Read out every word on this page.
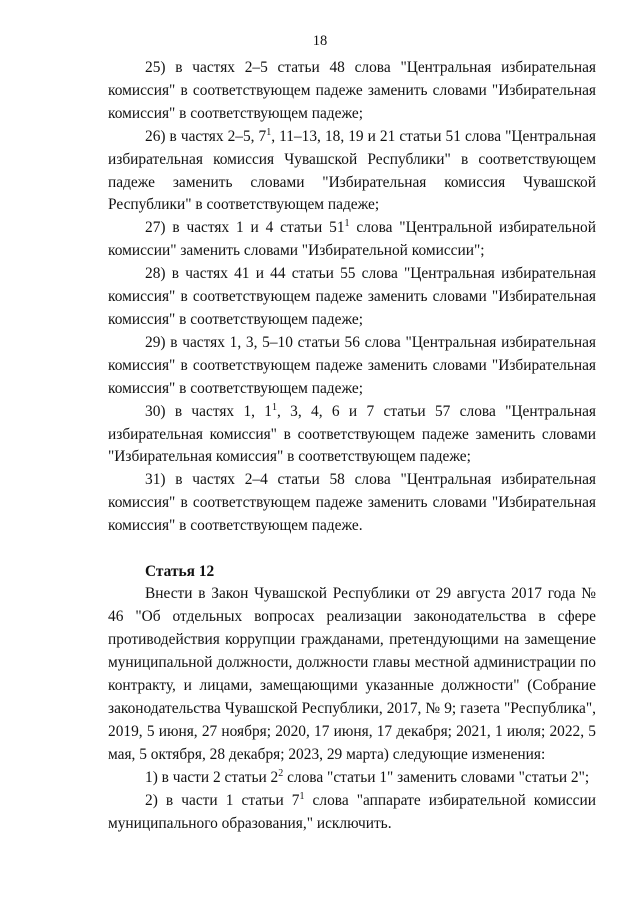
18

25) в частях 2–5 статьи 48 слова "Центральная избирательная комиссия" в соответствующем падеже заменить словами "Избирательная комиссия" в соответствующем падеже;

26) в частях 2–5, $7^1$, 11–13, 18, 19 и 21 статьи 51 слова "Центральная избирательная комиссия Чувашской Республики" в соответствующем падеже заменить словами "Избирательная комиссия Чувашской Республики" в соответствующем падеже;

27) в частях 1 и 4 статьи $51^1$ слова "Центральной избирательной комиссии" заменить словами "Избирательной комиссии";

28) в частях 41 и 44 статьи 55 слова "Центральная избирательная комиссия" в соответствующем падеже заменить словами "Избирательная комиссия" в соответствующем падеже;

29) в частях 1, 3, 5–10 статьи 56 слова "Центральная избирательная комиссия" в соответствующем падеже заменить словами "Избирательная комиссия" в соответствующем падеже;

30) в частях 1, $1^1$, 3, 4, 6 и 7 статьи 57 слова "Центральная избирательная комиссия" в соответствующем падеже заменить словами "Избирательная комиссия" в соответствующем падеже;

31) в частях 2–4 статьи 58 слова "Центральная избирательная комиссия" в соответствующем падеже заменить словами "Избирательная комиссия" в соответствующем падеже.

Статья 12

Внести в Закон Чувашской Республики от 29 августа 2017 года № 46 "Об отдельных вопросах реализации законодательства в сфере противодействия коррупции гражданами, претендующими на замещение муниципальной должности, должности главы местной администрации по контракту, и лицами, замещающими указанные должности" (Собрание законодательства Чувашской Республики, 2017, № 9; газета "Республика", 2019, 5 июня, 27 ноября; 2020, 17 июня, 17 декабря; 2021, 1 июля; 2022, 5 мая, 5 октября, 28 декабря; 2023, 29 марта) следующие изменения:

1) в части 2 статьи $2^2$ слова "статьи 1" заменить словами "статьи 2";

2) в части 1 статьи $7^1$ слова "аппарате избирательной комиссии муниципального образования," исключить.
